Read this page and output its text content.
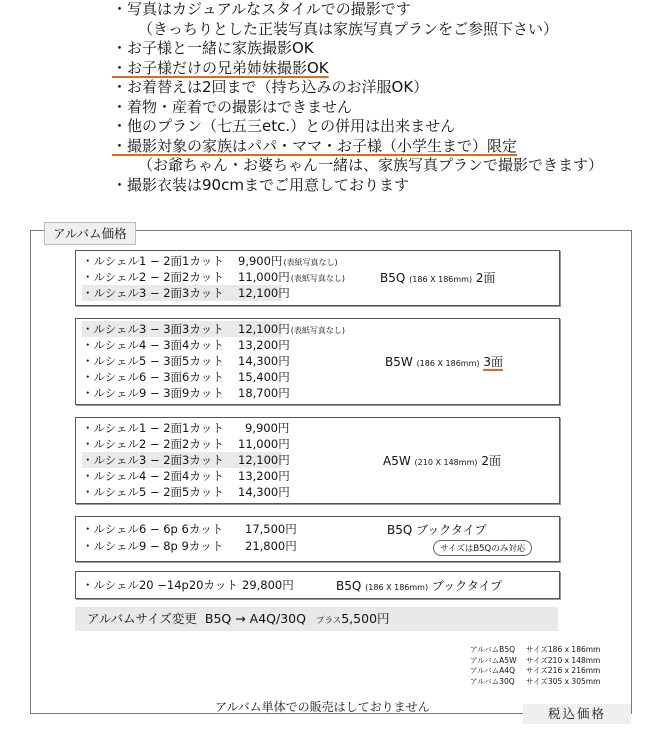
・写真はカジュアルなスタイルでの撮影です
（きっちりとした正装写真は家族写真プランをご参照下さい）
・お子様と一緒に家族撮影OK
・お子様だけの兄弟姉妹撮影OK
・お着替えは2回まで（持ち込みのお洋服OK）
・着物・産着での撮影はできません
・他のプラン（七五三etc.）との併用は出来ません
・撮影対象の家族はパパ・ママ・お子様（小学生まで）限定
（お爺ちゃん・お婆ちゃん一緒は、家族写真プランで撮影できます）
・撮影衣装は90cmまでご用意しております
アルバム価格
・ルシェル1 − 2面1カット 9,900円(表紙写真なし)
・ルシェル2 − 2面2カット 11,000円(表紙写真なし)
・ルシェル3 − 2面3カット 12,100円
B5Q (186 X 186mm) 2面
・ルシェル3 − 3面3カット 12,100円(表紙写真なし)
・ルシェル4 − 3面4カット 13,200円
・ルシェル5 − 3面5カット 14,300円
・ルシェル6 − 3面6カット 15,400円
・ルシェル9 − 3面9カット 18,700円
B5W (186 X 186mm) 3面
・ルシェル1 − 2面1カット 9,900円
・ルシェル2 − 2面2カット 11,000円
・ルシェル3 − 2面3カット 12,100円
・ルシェル4 − 2面4カット 13,200円
・ルシェル5 − 2面5カット 14,300円
A5W (210 X 148mm) 2面
・ルシェル6 − 6p 6カット 17,500円
・ルシェル9 − 8p 9カット 21,800円
B5Q ブックタイプ
サイズはB5Qのみ対応
・ルシェル20 −14p20カット 29,800円	B5Q (186 X 186mm) ブックタイプ
アルバムサイズ変更 B5Q → A4Q/30Q プラス5,500円
アルバムB5Q サイズ186 x 186mm
アルバムA5W サイズ210 x 148mm
アルバムA4Q サイズ216 x 216mm
アルバム30Q サイズ305 x 305mm
アルバム単体での販売はしておりません	税込価格
